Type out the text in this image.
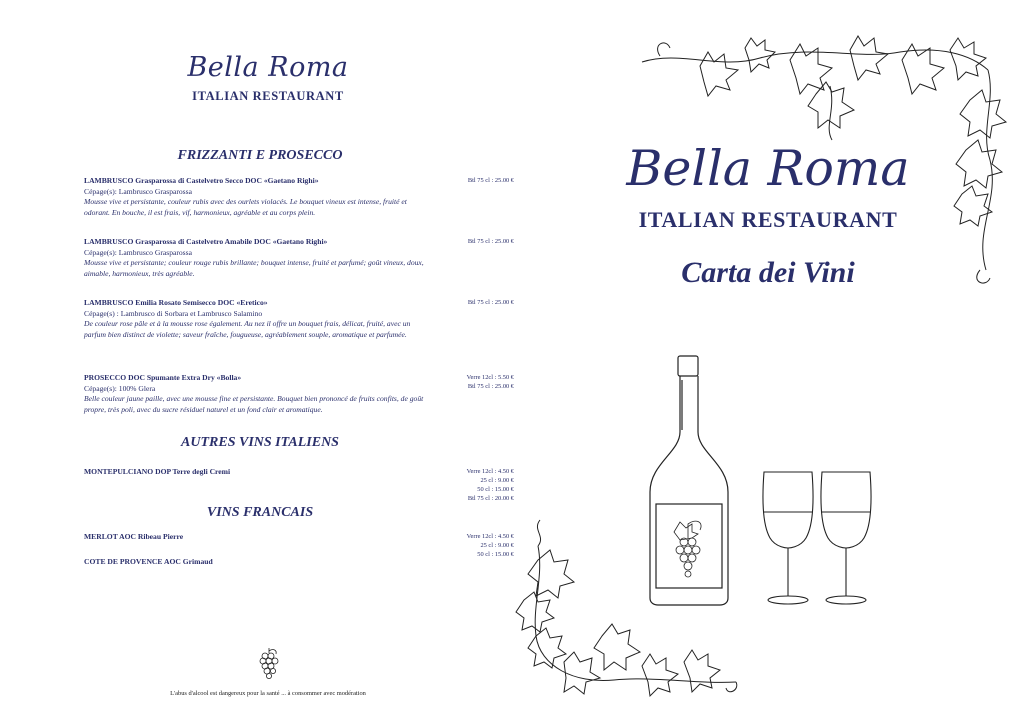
Bella Roma
ITALIAN RESTAURANT
FRIZZANTI E PROSECCO
LAMBRUSCO Grasparossa di Castelvetro Secco DOC «Gaetano Righi»
Cépage(s): Lambrusco Grasparossa
Mousse vive et persistante, couleur rubis avec des ourlets violacés. Le bouquet vineux est intense, fruité et odorant. En bouche, il est frais, vif, harmonieux, agréable et au corps plein.
Btl 75 cl : 25.00 €
LAMBRUSCO Grasparossa di Castelvetro Amabile DOC «Gaetano Righi»
Cépage(s): Lambrusco Grasparossa
Mousse vive et persistante; couleur rouge rubis brillante; bouquet intense, fruité et parfumé; goût vineux, doux, aimable, harmonieux, très agréable.
Btl 75 cl : 25.00 €
LAMBRUSCO Emilia Rosato Semisecco DOC «Eretico»
Cépage(s) : Lambrusco di Sorbara et Lambrusco Salamino
De couleur rose pâle et à la mousse rose également. Au nez il offre un bouquet frais, délicat, fruité, avec un parfum bien distinct de violette; saveur fraîche, fougueuse, agréablement souple, aromatique et parfumée.
Btl 75 cl : 25.00 €
PROSECCO DOC Spumante Extra Dry «Bolla»
Cépage(s): 100% Glera
Belle couleur jaune paille, avec une mousse fine et persistante. Bouquet bien prononcé de fruits confits, de goût propre, très poli, avec du sucre résiduel naturel et un fond clair et aromatique.
Verre 12cl : 5.50 €
Btl 75 cl : 25.00 €
AUTRES VINS ITALIENS
MONTEPULCIANO DOP Terre degli Cremi	Verre 12cl : 4.50 €
25 cl : 9.00 €
50 cl : 15.00 €
Btl 75 cl : 20.00 €
VINS FRANCAIS
MERLOT AOC Ribeau Pierre	Verre 12cl : 4.50 €
25 cl : 9.00 €
50 cl : 15.00 €
COTE DE PROVENCE AOC Grimaud
L'abus d'alcool est dangereux pour la santé ... à consommer avec modération
Bella Roma
ITALIAN RESTAURANT
Carta dei Vini
